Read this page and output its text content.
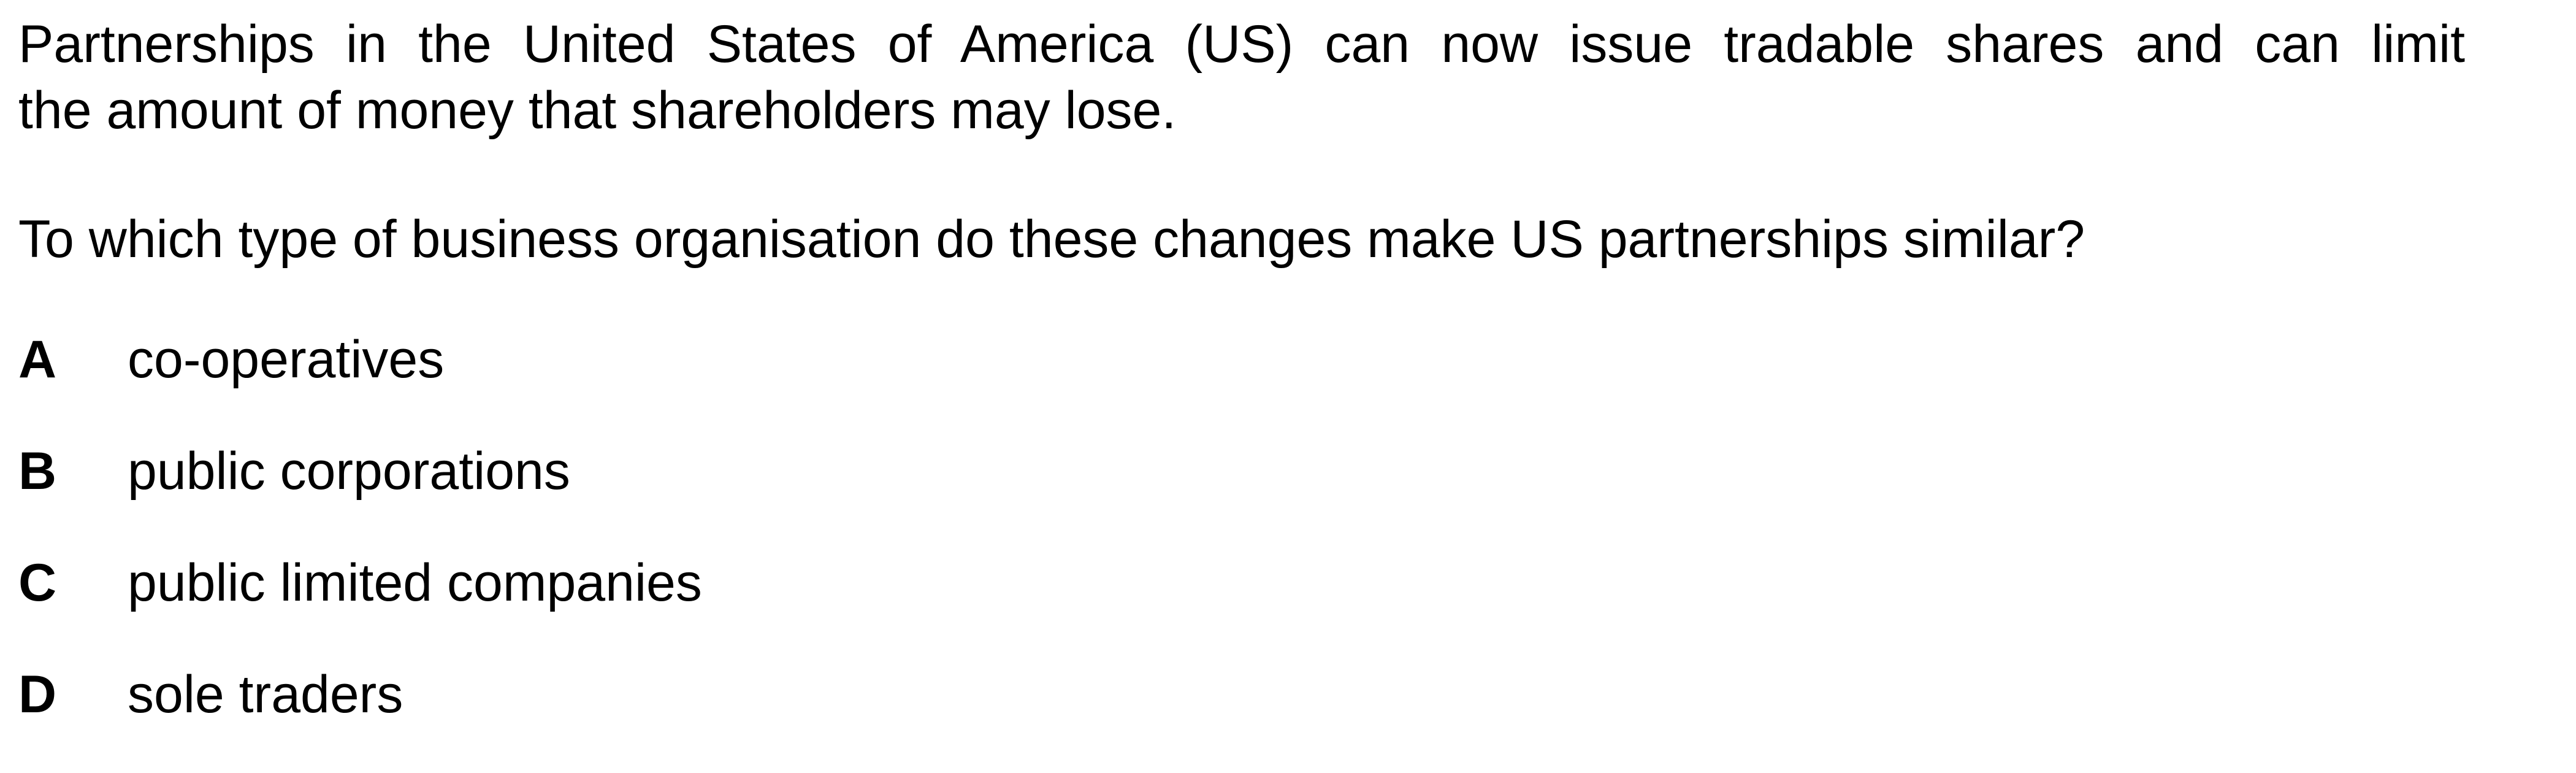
Partnerships in the United States of America (US) can now issue tradable shares and can limit
the amount of money that shareholders may lose.

To which type of business organisation do these changes make US partnerships similar?

A	co-operatives
B	public corporations
C	public limited companies
D	sole traders
